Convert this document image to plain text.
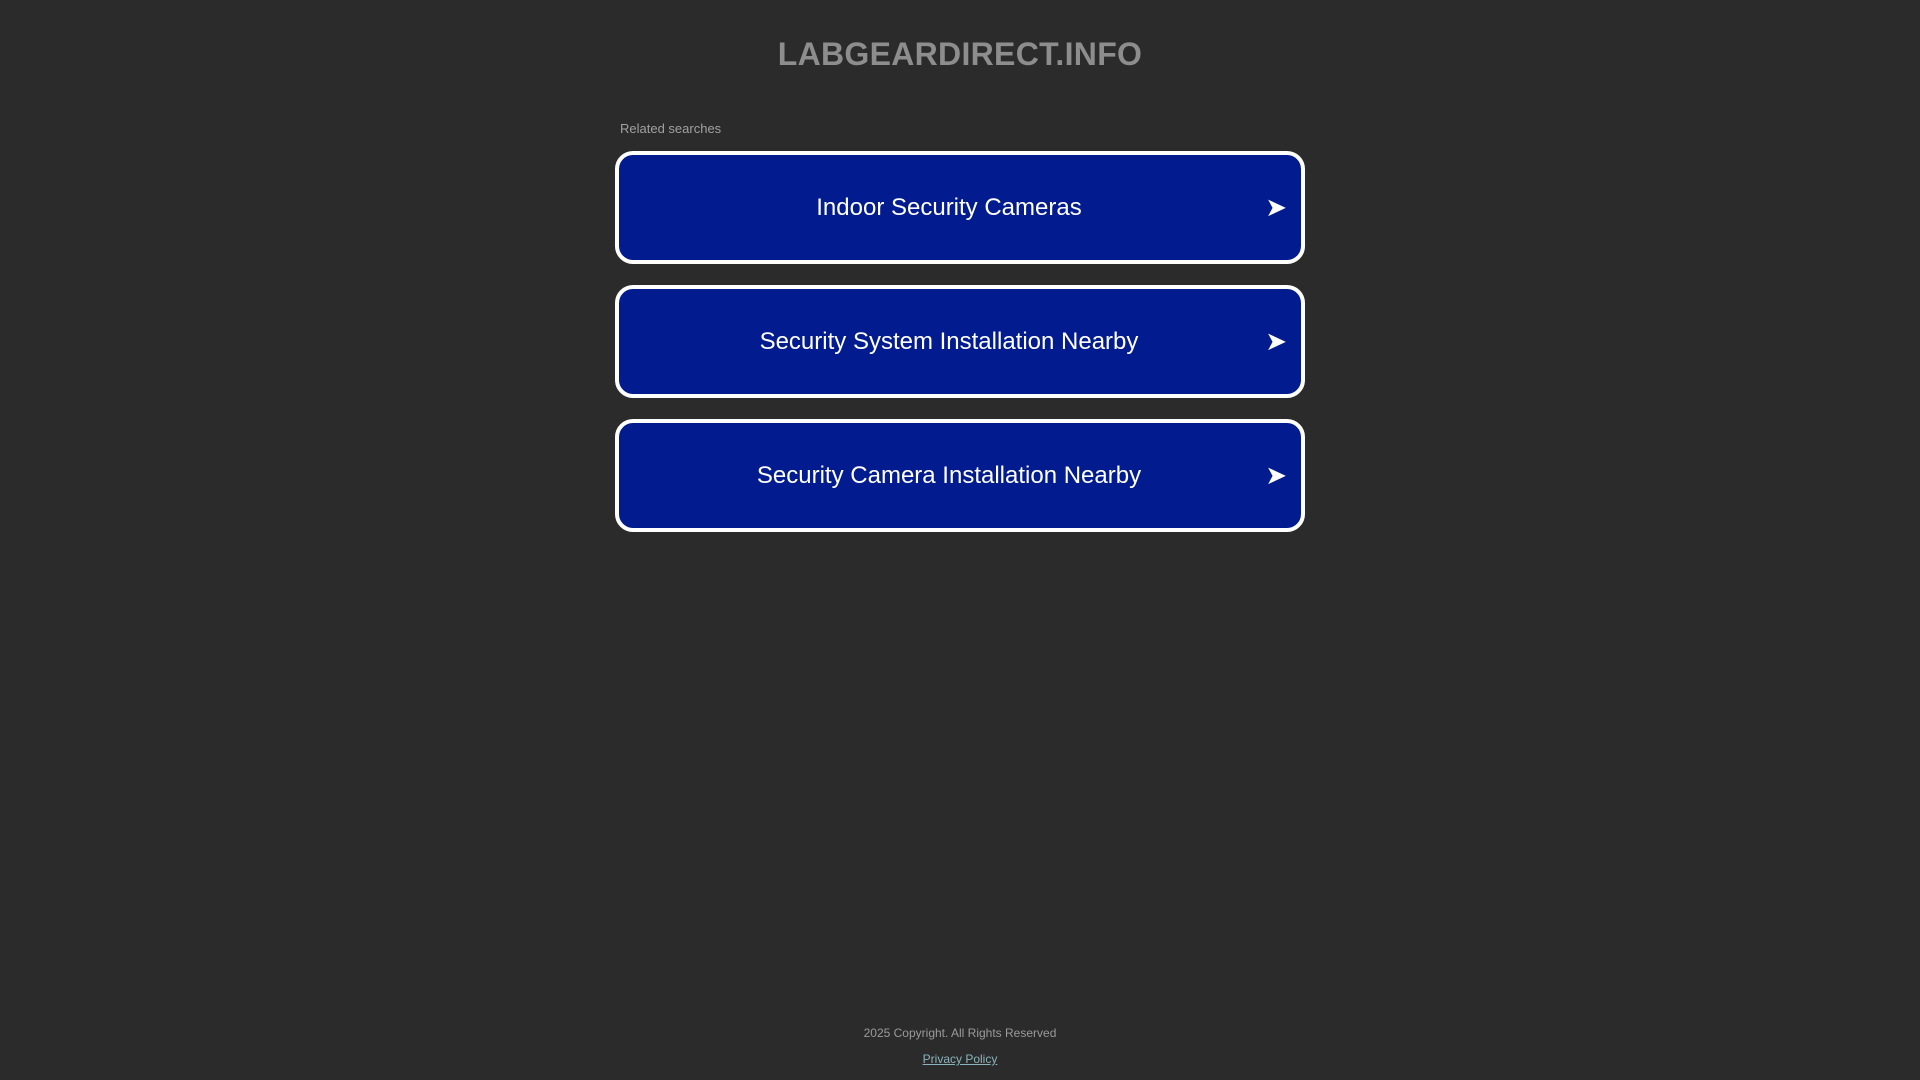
LABGEARDIRECT.INFO
Related searches
Indoor Security Cameras	➤
Security System Installation Nearby	➤
Security Camera Installation Nearby	➤
2025 Copyright. All Rights Reserved
Privacy Policy
